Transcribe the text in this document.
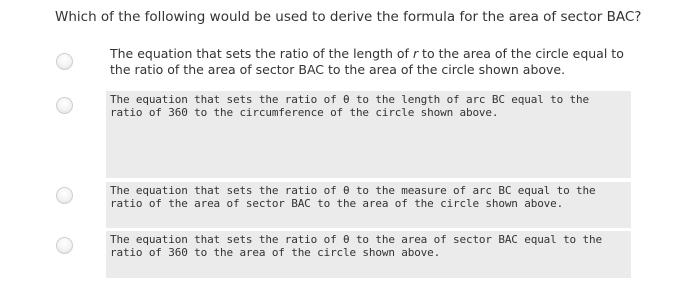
Which of the following would be used to derive the formula for the area of sector BAC?
The equation that sets the ratio of the length of r to the area of the circle equal to the ratio of the area of sector BAC to the area of the circle shown above.
The equation that sets the ratio of θ to the length of arc BC equal to the ratio of 360 to the circumference of the circle shown above.
The equation that sets the ratio of θ to the measure of arc BC equal to the ratio of the area of sector BAC to the area of the circle shown above.
The equation that sets the ratio of θ to the area of sector BAC equal to the ratio of 360 to the area of the circle shown above.
